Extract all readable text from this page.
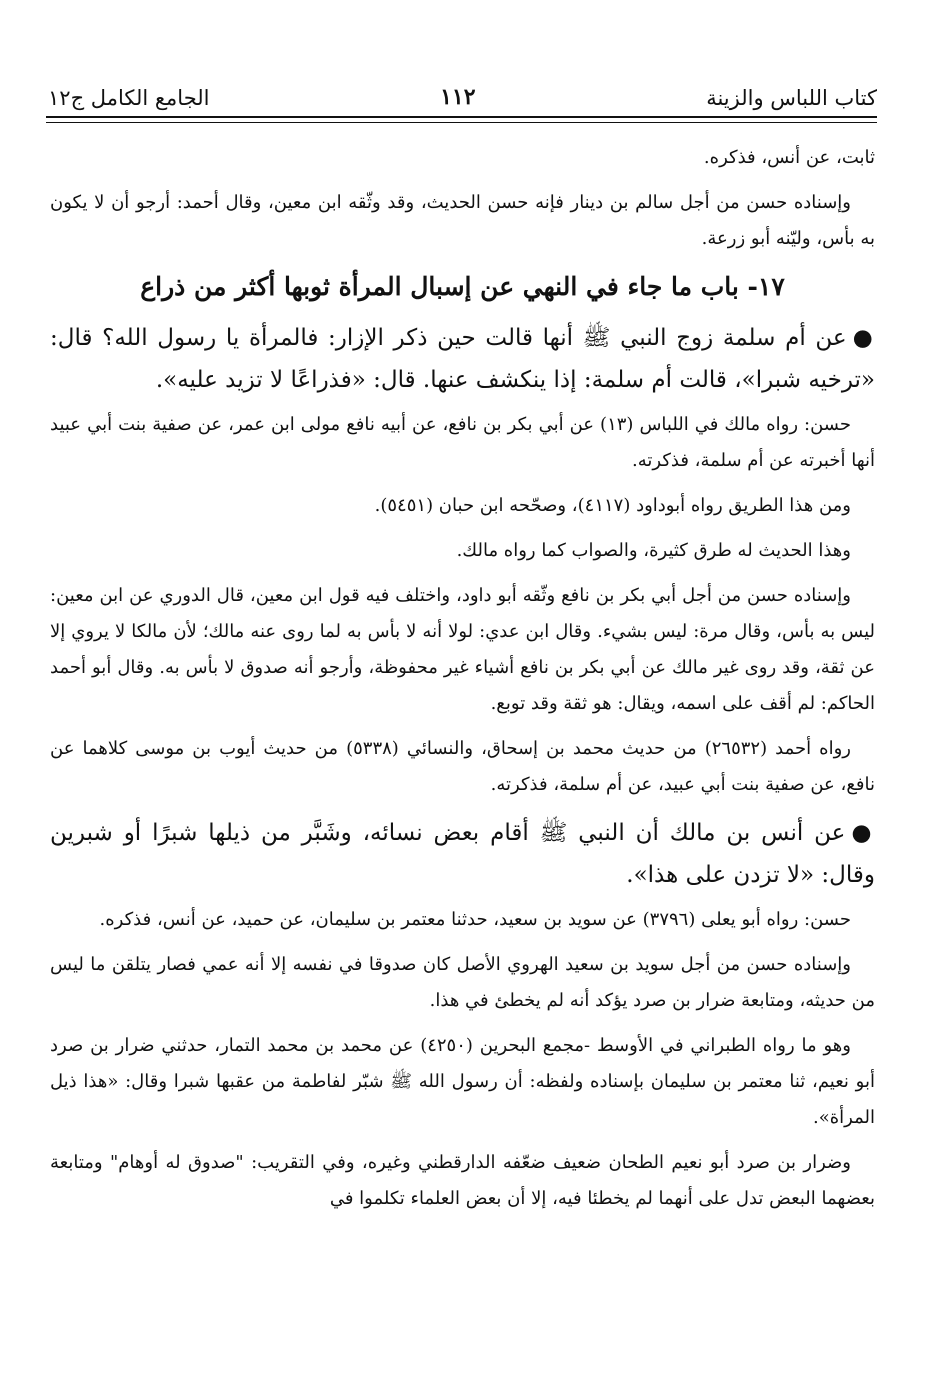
كتاب اللباس والزينة
١١٢
الجامع الكامل ج١٢

ثابت، عن أنس، فذكره.

وإسناده حسن من أجل سالم بن دينار فإنه حسن الحديث، وقد وثّقه ابن معين، وقال أحمد: أرجو أن لا يكون به بأس، وليّنه أبو زرعة.

١٧- باب ما جاء في النهي عن إسبال المرأة ثوبها أكثر من ذراع

●عن أم سلمة زوج النبي ﷺ أنها قالت حين ذكر الإزار: فالمرأة يا رسول الله؟ قال: «ترخيه شبرا»، قالت أم سلمة: إذا ينكشف عنها. قال: «فذراعًا لا تزيد عليه».

حسن: رواه مالك في اللباس (١٣) عن أبي بكر بن نافع، عن أبيه نافع مولى ابن عمر، عن صفية بنت أبي عبيد أنها أخبرته عن أم سلمة، فذكرته.

ومن هذا الطريق رواه أبوداود (٤١١٧)، وصحّحه ابن حبان (٥٤٥١).

وهذا الحديث له طرق كثيرة، والصواب كما رواه مالك.

وإسناده حسن من أجل أبي بكر بن نافع وثّقه أبو داود، واختلف فيه قول ابن معين، قال الدوري عن ابن معين: ليس به بأس، وقال مرة: ليس بشيء. وقال ابن عدي: لولا أنه لا بأس به لما روى عنه مالك؛ لأن مالكا لا يروي إلا عن ثقة، وقد روى غير مالك عن أبي بكر بن نافع أشياء غير محفوظة، وأرجو أنه صدوق لا بأس به. وقال أبو أحمد الحاكم: لم أقف على اسمه، ويقال: هو ثقة وقد توبع.

رواه أحمد (٢٦٥٣٢) من حديث محمد بن إسحاق، والنسائي (٥٣٣٨) من حديث أيوب بن موسى كلاهما عن نافع، عن صفية بنت أبي عبيد، عن أم سلمة، فذكرته.

●عن أنس بن مالك أن النبي ﷺ أقام بعض نسائه، وشَبَّر من ذيلها شبرًا أو شبرين وقال: «لا تزدن على هذا».

حسن: رواه أبو يعلى (٣٧٩٦) عن سويد بن سعيد، حدثنا معتمر بن سليمان، عن حميد، عن أنس، فذكره.

وإسناده حسن من أجل سويد بن سعيد الهروي الأصل كان صدوقا في نفسه إلا أنه عمي فصار يتلقن ما ليس من حديثه، ومتابعة ضرار بن صرد يؤكد أنه لم يخطئ في هذا.

وهو ما رواه الطبراني في الأوسط -مجمع البحرين (٤٢٥٠) عن محمد بن محمد التمار، حدثني ضرار بن صرد أبو نعيم، ثنا معتمر بن سليمان بإسناده ولفظه: أن رسول الله ﷺ شبّر لفاطمة من عقبها شبرا وقال: «هذا ذيل المرأة».

وضرار بن صرد أبو نعيم الطحان ضعيف ضعّفه الدارقطني وغيره، وفي التقريب: "صدوق له أوهام" ومتابعة بعضهما البعض تدل على أنهما لم يخطئا فيه، إلا أن بعض العلماء تكلموا في
